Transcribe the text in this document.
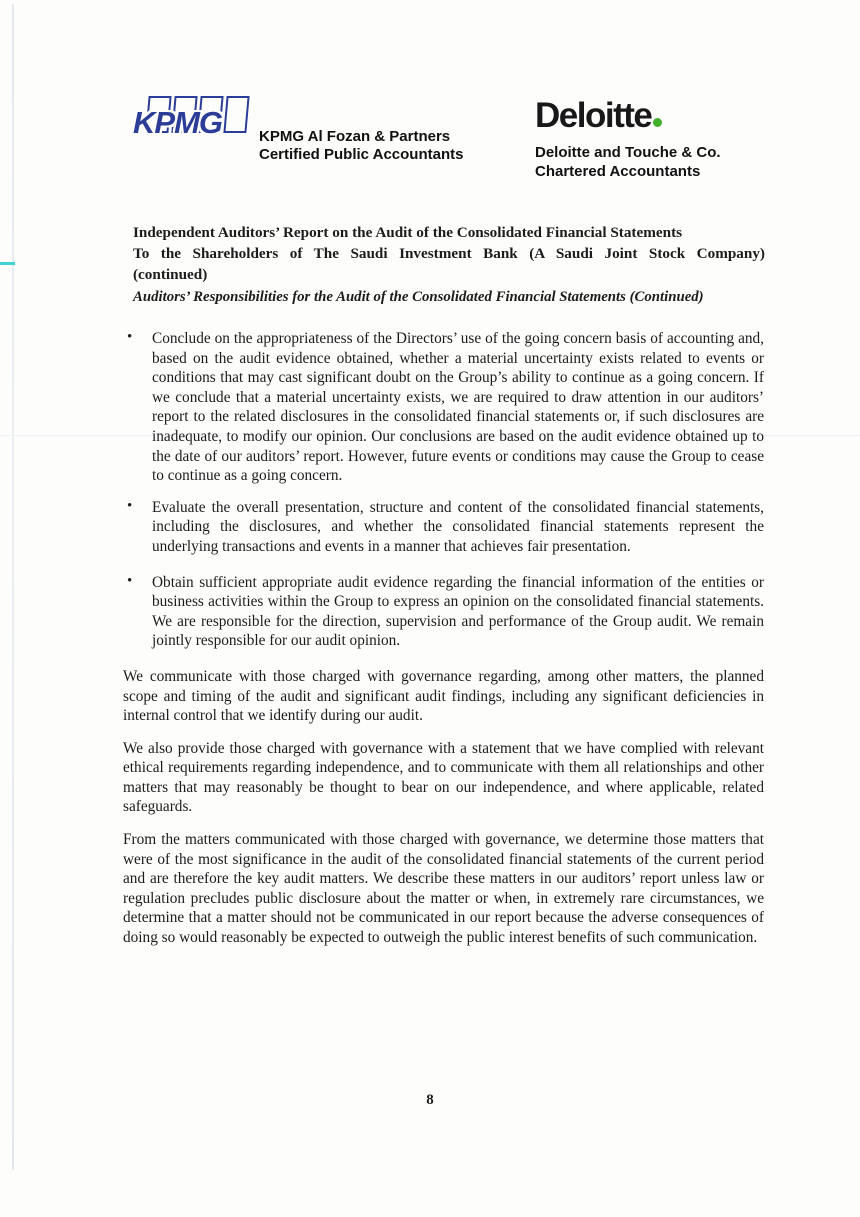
KPMG
KPMG Al Fozan & Partners
Certified Public Accountants
Deloitte
Deloitte and Touche & Co.
Chartered Accountants
Independent Auditors’ Report on the Audit of the Consolidated Financial Statements
To the Shareholders of The Saudi Investment Bank (A Saudi Joint Stock Company)
(continued)
Auditors’ Responsibilities for the Audit of the Consolidated Financial Statements (Continued)
• Conclude on the appropriateness of the Directors’ use of the going concern basis of accounting and, based on the audit evidence obtained, whether a material uncertainty exists related to events or conditions that may cast significant doubt on the Group’s ability to continue as a going concern. If we conclude that a material uncertainty exists, we are required to draw attention in our auditors’ report to the related disclosures in the consolidated financial statements or, if such disclosures are inadequate, to modify our opinion. Our conclusions are based on the audit evidence obtained up to the date of our auditors’ report. However, future events or conditions may cause the Group to cease to continue as a going concern.
• Evaluate the overall presentation, structure and content of the consolidated financial statements, including the disclosures, and whether the consolidated financial statements represent the underlying transactions and events in a manner that achieves fair presentation.
• Obtain sufficient appropriate audit evidence regarding the financial information of the entities or business activities within the Group to express an opinion on the consolidated financial statements. We are responsible for the direction, supervision and performance of the Group audit. We remain jointly responsible for our audit opinion.

We communicate with those charged with governance regarding, among other matters, the planned scope and timing of the audit and significant audit findings, including any significant deficiencies in internal control that we identify during our audit.

We also provide those charged with governance with a statement that we have complied with relevant ethical requirements regarding independence, and to communicate with them all relationships and other matters that may reasonably be thought to bear on our independence, and where applicable, related safeguards.

From the matters communicated with those charged with governance, we determine those matters that were of the most significance in the audit of the consolidated financial statements of the current period and are therefore the key audit matters. We describe these matters in our auditors’ report unless law or regulation precludes public disclosure about the matter or when, in extremely rare circumstances, we determine that a matter should not be communicated in our report because the adverse consequences of doing so would reasonably be expected to outweigh the public interest benefits of such communication.

8
